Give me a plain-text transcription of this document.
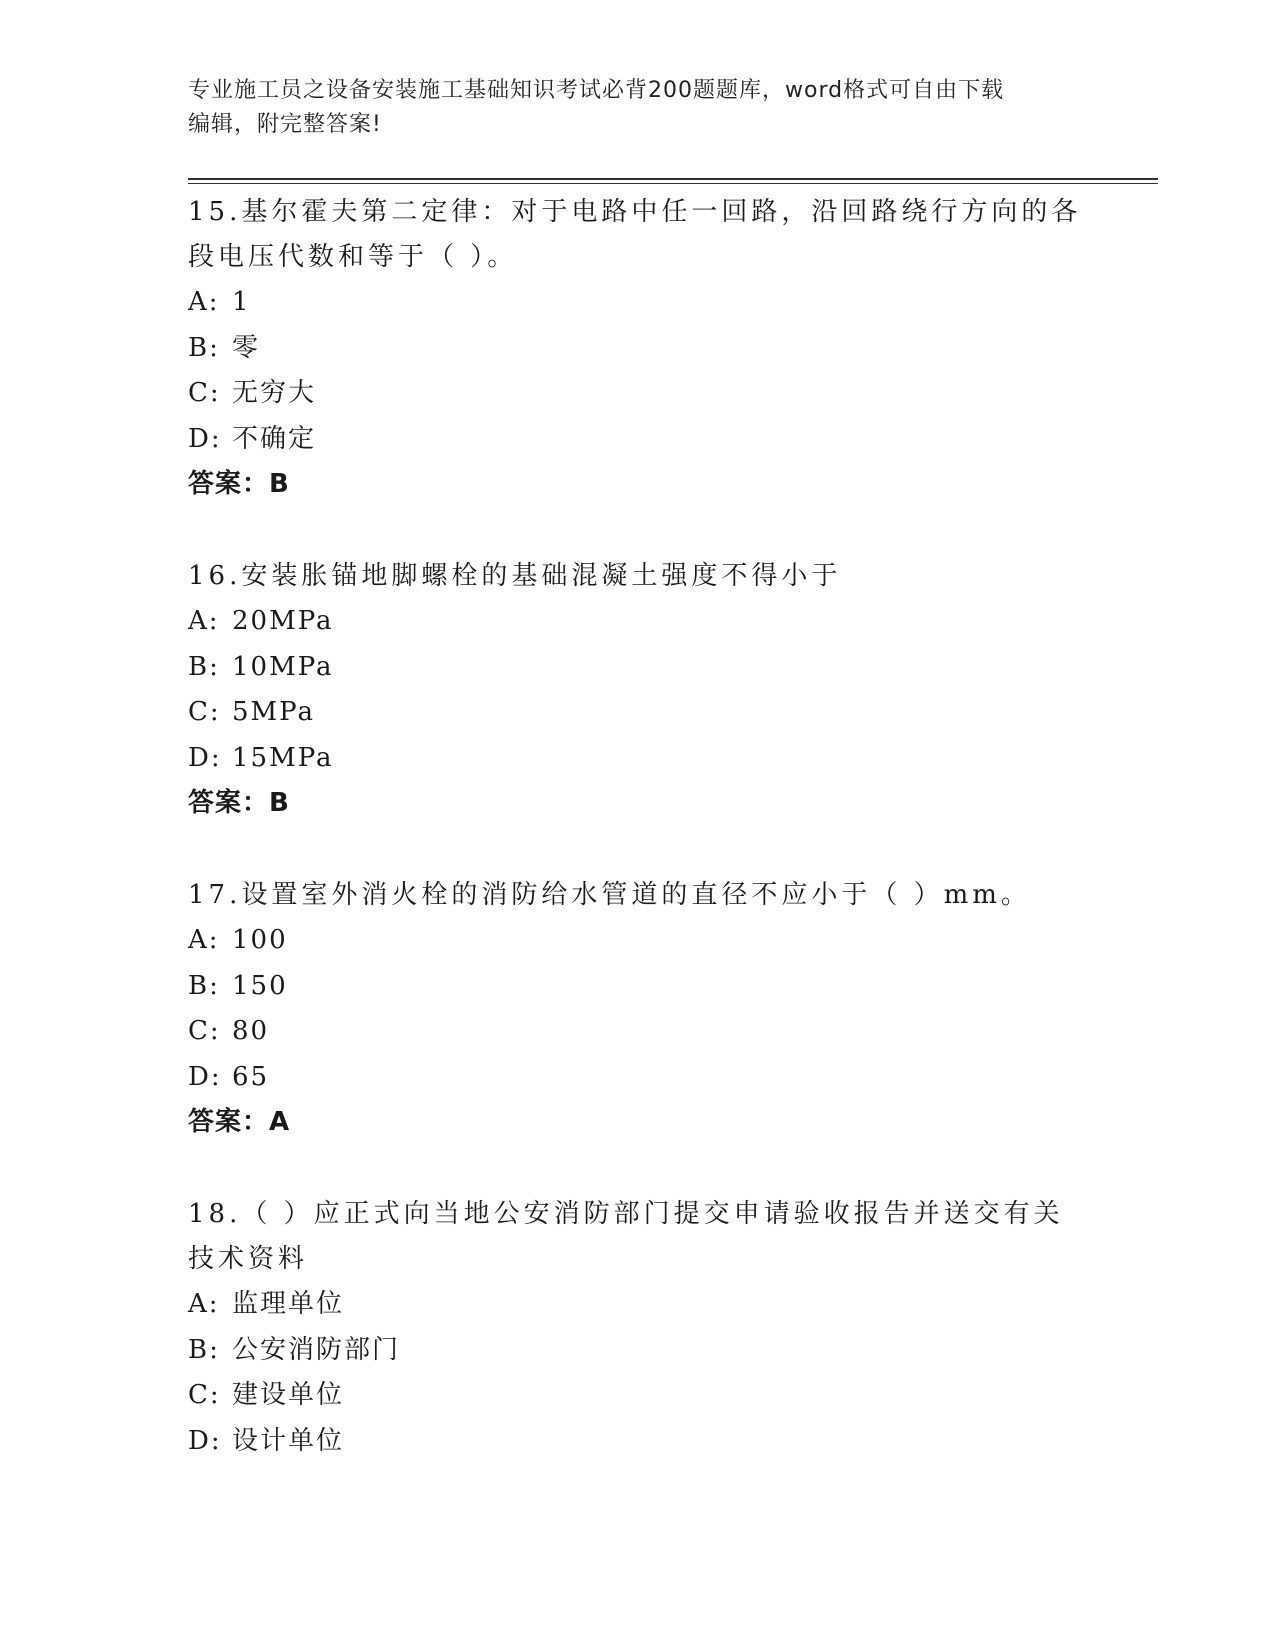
专业施工员之设备安装施工基础知识考试必背200题题库，word格式可自由下载
编辑，附完整答案!

15.基尔霍夫第二定律：对于电路中任一回路，沿回路绕行方向的各段电压代数和等于（ ）。

A: 1

B: 零

C: 无穷大

D: 不确定

答案：B

16.安装胀锚地脚螺栓的基础混凝土强度不得小于

A: 20MPa

B: 10MPa

C: 5MPa

D: 15MPa

答案：B

17.设置室外消火栓的消防给水管道的直径不应小于（ ）mm。

A: 100

B: 150

C: 80

D: 65

答案：A

18.（ ）应正式向当地公安消防部门提交申请验收报告并送交有关技术资料

A: 监理单位

B: 公安消防部门

C: 建设单位

D: 设计单位
